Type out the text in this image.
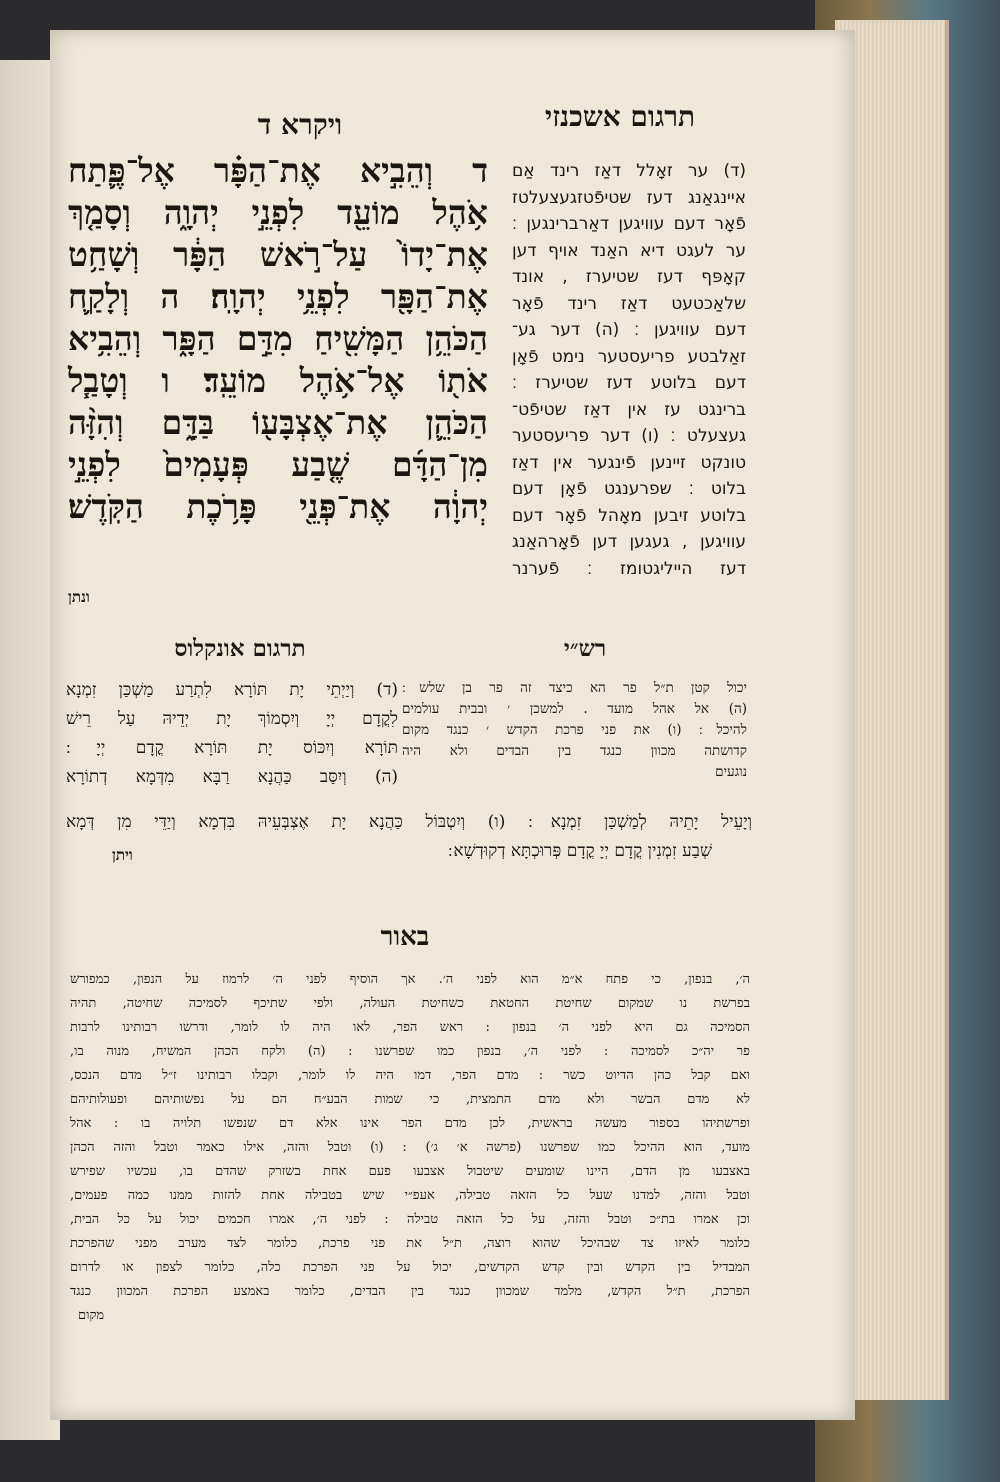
תרגום אשכנזי
ויקרא ד
ד וְהֵבִ֣יא אֶת־הַפָּ֗ר אֶל־פֶּ֛תַח
אֹ֥הֶל מוֹעֵ֖ד לִפְנֵ֣י יְהוָ֑ה וְסָמַ֤ךְ
אֶת־יָדוֹ֙ עַל־רֹ֣אשׁ הַפָּ֔ר וְשָׁחַ֥ט
אֶת־הַפָּ֖ר לִפְנֵ֥י יְהוָֽה׃ ה וְלָקַ֛ח
הַכֹּהֵ֥ן הַמָּשִׁ֖יחַ מִדַּ֣ם הַפָּ֑ר וְהֵבִ֥יא
אֹת֖וֹ אֶל־אֹ֥הֶל מוֹעֵֽד׃ ו וְטָבַ֧ל
הַכֹּהֵ֛ן אֶת־אֶצְבָּע֖וֹ בַּדָּ֑ם וְהִזָּ֨ה
מִן־הַדָּ֜ם שֶׁ֤בַע פְּעָמִים֙ לִפְנֵ֣י
יְהוָ֔ה אֶת־פְּנֵ֖י פָּרֹ֥כֶת הַקֹּֽדֶשׁ׃
ונתן
(ד) ער זאָלל דאַז רינד אַם
איינגאַנג דעז שטיפֿטזגעצעלטז
פֿאָר דעם עוויגען דאַרברינגען ׃
ער לעגט דיא האַנד אויף דען
קאָפּף דעז שטיערז , אונד
שלאַכטעט דאַז רינד פֿאָר
דעם עוויגען ׃ (ה) דער גע־
זאַלבטע פריעסטער נימט פֿאָן
דעם בלוטע דעז שטיערז ׃
ברינגט עז אין דאַז שטיפֿט־
געצעלט ׃ (ו) דער פריעסטער
טונקט זיינען פֿינגער אין דאַז
בלוט ׃ שפרענגט פֿאָן דעם
בלוטע זיבען מאָהל פֿאָר דעם
עוויגען , געגען דען פֿאָרהאַנג
דעז הייליגטומז ׃ פֿערנר
רש״י
תרגום אונקלוס
יכול קטן ת״ל פר הא כיצד זה פר בן שלש ׃
(ה) אל אהל מועד . למשכן ׳ ובבית עולמים
להיכל ׃ (ו) את פני פרכת הקדש ׳ כנגד מקום
קדושתה מכוון כנגד בין הבדים ולא היה
נוגעים
(ד) וְיַיְתֵי יָת תּוֹרָא לִתְרַע מַשְׁכַּן זִמְנָא
לִקֳדָם יְיָ וְיִסְמוֹךְ יָת יְדֵיהּ עַל רֵישׁ
תּוֹרָא וְיִכּוֹס יָת תּוֹרָא קֳדָם יְיָ ׃
(ה) וְיִסַּב כַּהֲנָא רַבָּא מִדְּמָא דְתוֹרָא
וְיָעֵיל יָתֵיהּ לְמַשְׁכַּן זִמְנָא ׃ (ו) וְיִטְבּוֹל כַּהֲנָא יָת אֶצְבְּעֵיהּ בִּדְמָא וְיַדֵּי מִן דְּמָא
שְׁבַע זִמְנִין קֳדָם יְיָ קֳדָם פְּרוּכְתָּא דְקוּדְשָׁא ׃
ויתן
באור
ה׳, בנפון, כי פתח א״מ הוא לפני ה׳. אך הוסיף לפני ה׳ לרמוז על הנפון, כמפורש
בפרשת נו שמקום שחיטת החטאת כשחיטת העולה, ולפי שתיכף לסמיכה שחיטה, תהיה
הסמיכה גם היא לפני ה׳ בנפון : ראש הפר, לאו היה לו לומר, ודרשו רבותינו לרבות
פר יה״כ לסמיכה : לפני ה׳, בנפון כמו שפרשנו : (ה) ולקח הכהן המשיח, מנוה בו,
ואם קבל כהן הדיוט כשר : מדם הפר, דמו היה לו לומר, וקבלו רבותינו ז״ל מדם הנכס,
לא מדם הבשר ולא מדם התמצית, כי שמות הבע״ח הם על נפשותיהם ופעולותיהם
ופרשתיהו בספור מעשה בראשית, לכן מדם הפר אינו אלא דם שנפשו תלויה בו : אהל
מועד, הוא ההיכל כמו שפרשנו (פרשה א׳ ג׳) : (ו) וטבל והזה, אילו כאמר וטבל והזה הכהן
באצבעו מן הדם, היינו שומעים שיטבול אצבעו פעם אחת בשזרק שהדם בו, עכשיו שפירש
וטבל והזה, למדנו שעל כל הזאה טבילה, אעפ״י שיש בטבילה אחת להזות ממנו כמה פעמים,
וכן אמרו בת״כ וטבל והזה, על כל הזאה טבילה : לפני ה׳, אמרו חכמים יכול על כל הבית,
כלומר לאיזו צד שבהיכל שהוא רוצה, ת״ל את פני פרכת, כלומר לצד מערב מפני שהפרכת
המבדיל בין הקדש ובין קדש הקדשים, יכול על פני הפרכת כלה, כלומר לצפון או לדרום
הפרכת, ת״ל הקדש, מלמד שמכוון כנגד בין הבדים, כלומר באמצע הפרכת המכוון כנגד
מקום
